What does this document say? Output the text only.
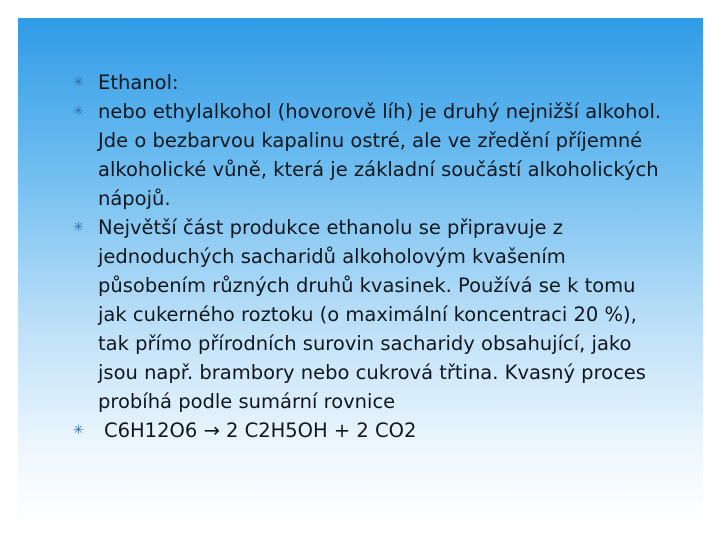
✳ Ethanol:
✳ nebo ethylalkohol (hovorově líh) je druhý nejnižší alkohol. Jde o bezbarvou kapalinu ostré, ale ve zředění příjemné alkoholické vůně, která je základní součástí alkoholických nápojů.
✳ Největší část produkce ethanolu se připravuje z jednoduchých sacharidů alkoholovým kvašením působením různých druhů kvasinek. Používá se k tomu jak cukerného roztoku (o maximální koncentraci 20 %), tak přímo přírodních surovin sacharidy obsahující, jako jsou např. brambory nebo cukrová třtina. Kvasný proces probíhá podle sumární rovnice
✳	C6H12O6 → 2 C2H5OH + 2 CO2
